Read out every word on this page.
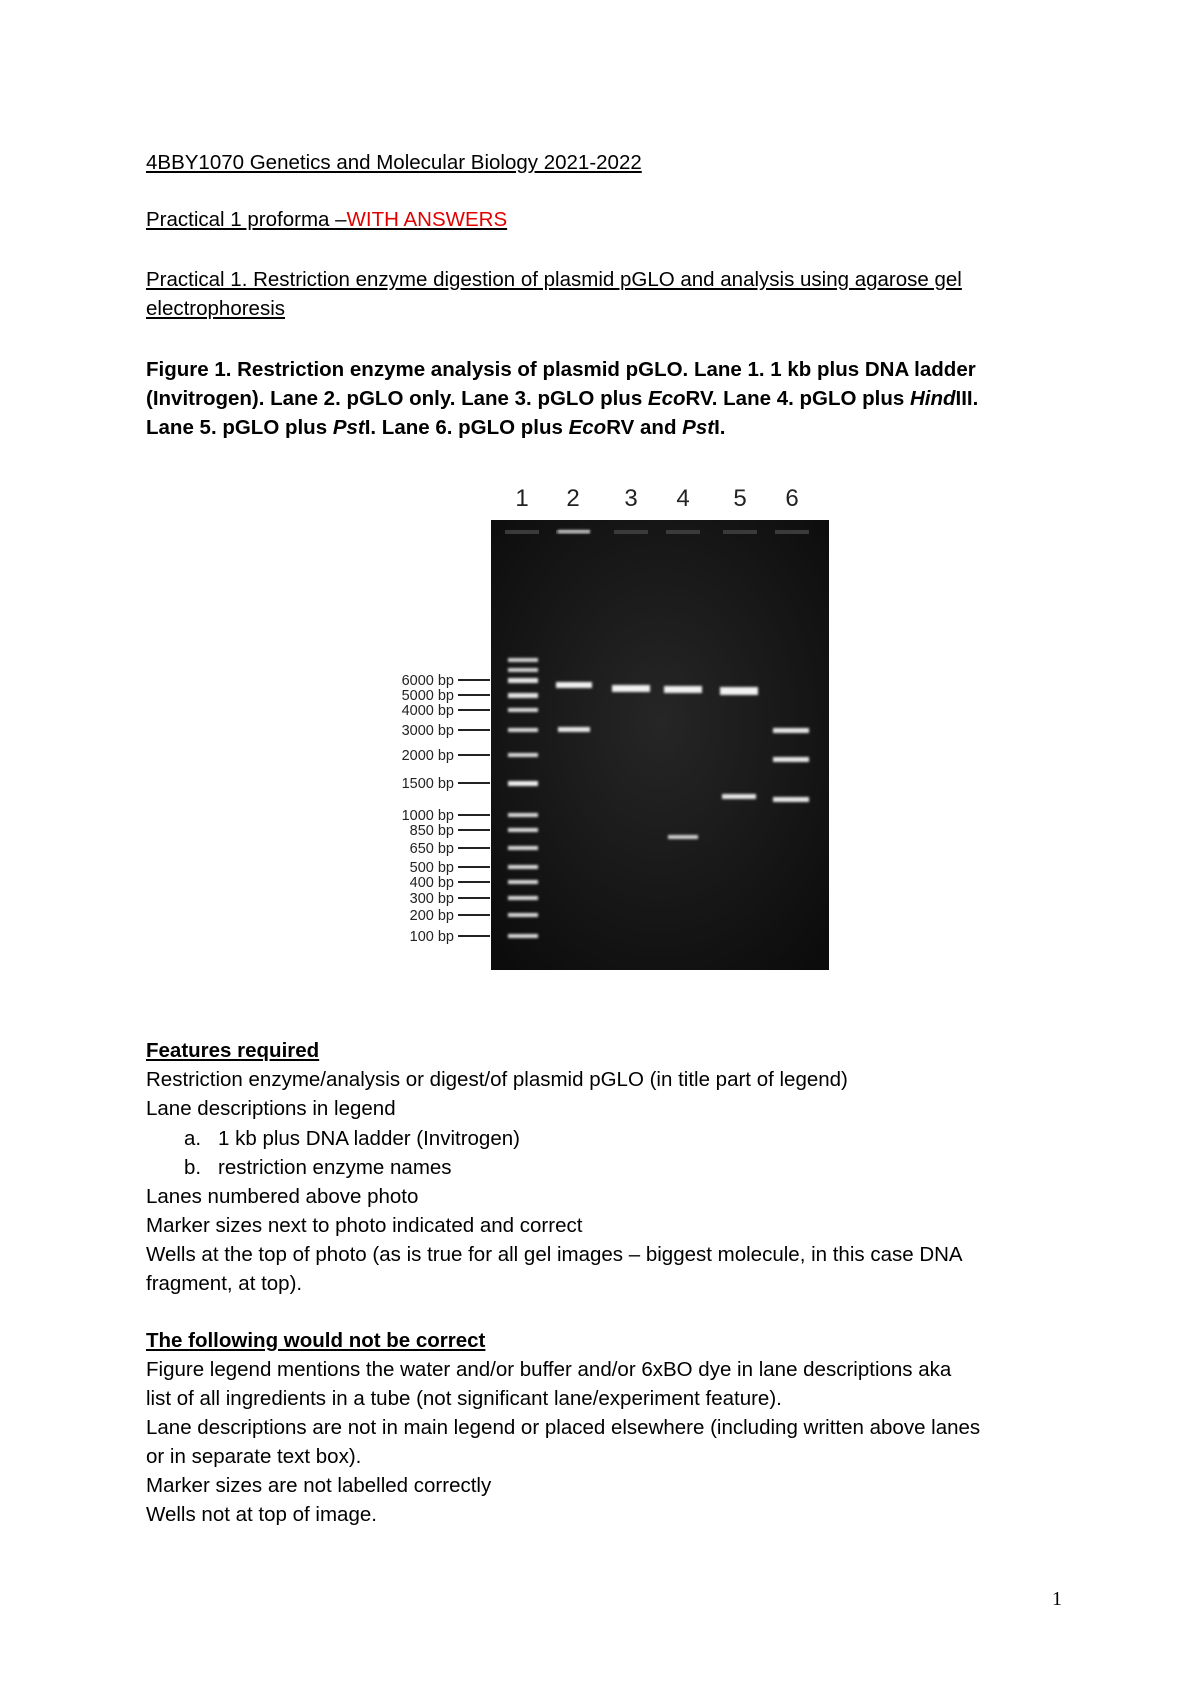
4BBY1070 Genetics and Molecular Biology 2021-2022
Practical 1 proforma –WITH ANSWERS
Practical 1. Restriction enzyme digestion of plasmid pGLO and analysis using agarose gel
electrophoresis
Figure 1. Restriction enzyme analysis of plasmid pGLO. Lane 1. 1 kb plus DNA ladder
(Invitrogen). Lane 2. pGLO only. Lane 3. pGLO plus EcoRV. Lane 4. pGLO plus HindIII.
Lane 5. pGLO plus PstI. Lane 6. pGLO plus EcoRV and PstI.
1 2 3 4 5 6
6000 bp
5000 bp
4000 bp
3000 bp
2000 bp
1500 bp
1000 bp
850 bp
650 bp
500 bp
400 bp
300 bp
200 bp
100 bp
Features required
Restriction enzyme/analysis or digest/of plasmid pGLO (in title part of legend)
Lane descriptions in legend
a. 1 kb plus DNA ladder (Invitrogen)
b. restriction enzyme names
Lanes numbered above photo
Marker sizes next to photo indicated and correct
Wells at the top of photo (as is true for all gel images – biggest molecule, in this case DNA
fragment, at top).
The following would not be correct
Figure legend mentions the water and/or buffer and/or 6xBO dye in lane descriptions aka
list of all ingredients in a tube (not significant lane/experiment feature).
Lane descriptions are not in main legend or placed elsewhere (including written above lanes
or in separate text box).
Marker sizes are not labelled correctly
Wells not at top of image.
1
